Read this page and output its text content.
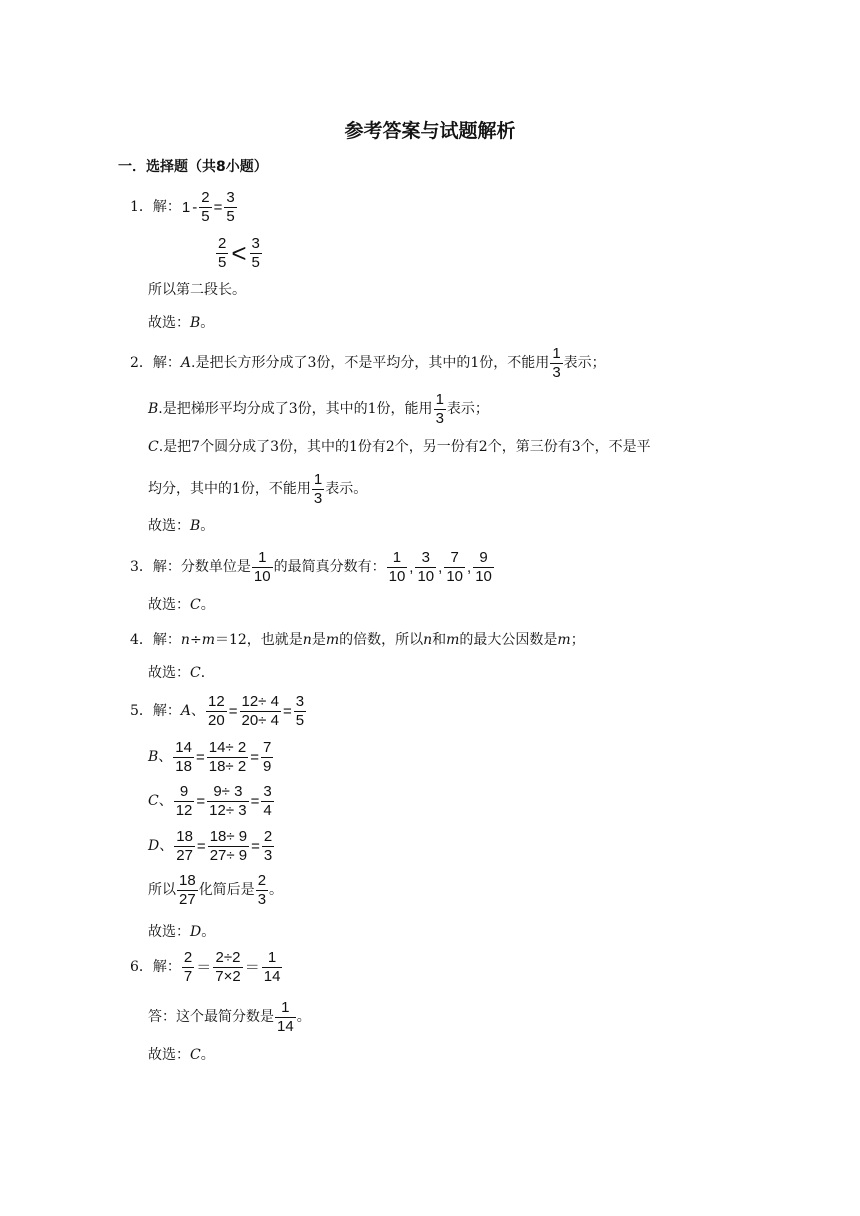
参考答案与试题解析
一．选择题（共8小题）
1．解： $1 - \frac{2}{5} = \frac{3}{5}$
$\frac{2}{5} < \frac{3}{5}$
所以第二段长。
故选： B 。
2．解： A .是把长方形分成了3份，不是平均分，其中的1份，不能用 $\frac{1}{3}$ 表示；
B .是把梯形平均分成了3份，其中的1份，能用 $\frac{1}{3}$ 表示；
C .是把7个圆分成了3份，其中的1份有2个，另一份有2个，第三份有3个，不是平
均分，其中的1份，不能用 $\frac{1}{3}$ 表示。
故选： B 。
3．解： 分数单位是 $\frac{1}{10}$ 的最简真分数有： $\frac{1}{10}$ , $\frac{3}{10}$ , $\frac{7}{10}$ , $\frac{9}{10}$
故选： C 。
4．解： n ÷ m ＝12，也就是 n 是 m 的倍数，所以 n 和 m 的最大公因数是 m ；
故选： C ．
5．解： A 、 $\frac{12}{20} = \frac{12\div 4}{20\div 4} = \frac{3}{5}$
B 、 $\frac{14}{18} = \frac{14\div 2}{18\div 2} = \frac{7}{9}$
C 、 $\frac{9}{12} = \frac{9\div 3}{12\div 3} = \frac{3}{4}$
D 、 $\frac{18}{27} = \frac{18\div 9}{27\div 9} = \frac{2}{3}$
所以 $\frac{18}{27}$ 化简后是 $\frac{2}{3}$ 。
故选： D 。
6．解： $\frac{2}{7} = \frac{2\div 2}{7\times 2} = \frac{1}{14}$
答：这个最简分数是 $\frac{1}{14}$ 。
故选： C 。
